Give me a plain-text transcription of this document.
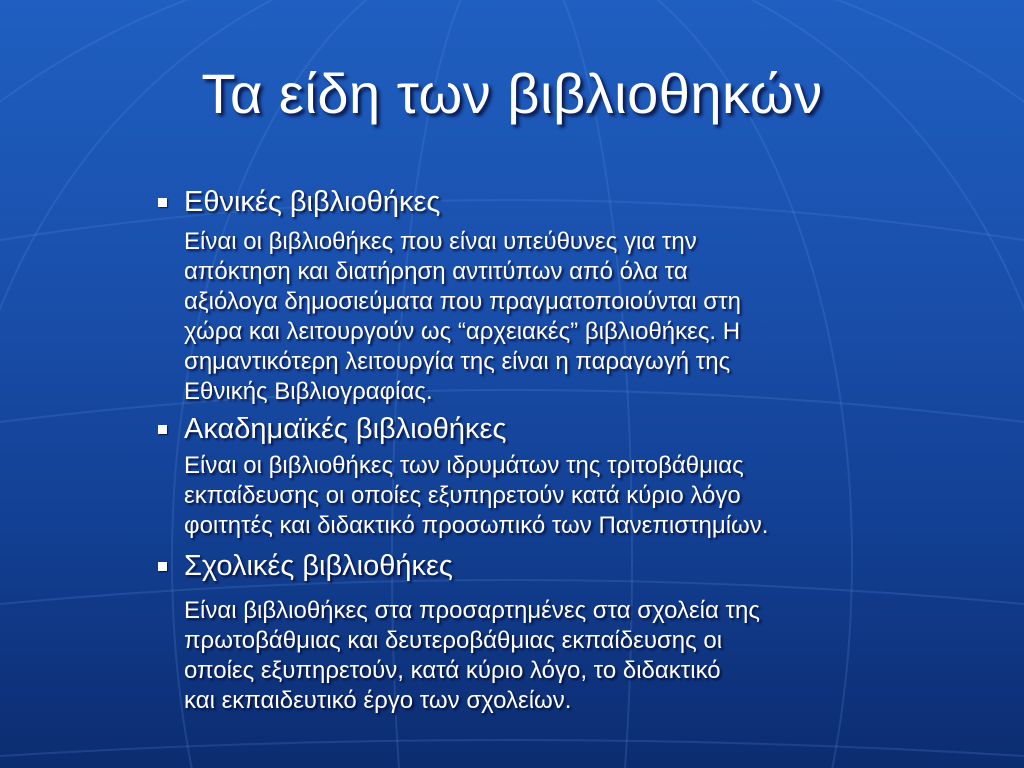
Τα είδη των βιβλιοθηκών
Εθνικές βιβλιοθήκες
Είναι οι βιβλιοθήκες που είναι υπεύθυνες για την
απόκτηση και διατήρηση αντιτύπων από όλα τα
αξιόλογα δημοσιεύματα που πραγματοποιούνται στη
χώρα και λειτουργούν ως “αρχειακές” βιβλιοθήκες. Η
σημαντικότερη λειτουργία της είναι η παραγωγή της
Εθνικής Βιβλιογραφίας.
Ακαδημαϊκές βιβλιοθήκες
Είναι οι βιβλιοθήκες των ιδρυμάτων της τριτοβάθμιας
εκπαίδευσης οι οποίες εξυπηρετούν κατά κύριο λόγο
φοιτητές και διδακτικό προσωπικό των Πανεπιστημίων.
Σχολικές βιβλιοθήκες
Είναι βιβλιοθήκες στα προσαρτημένες στα σχολεία της
πρωτοβάθμιας και δευτεροβάθμιας εκπαίδευσης οι
οποίες εξυπηρετούν, κατά κύριο λόγο, το διδακτικό
και εκπαιδευτικό έργο των σχολείων.
